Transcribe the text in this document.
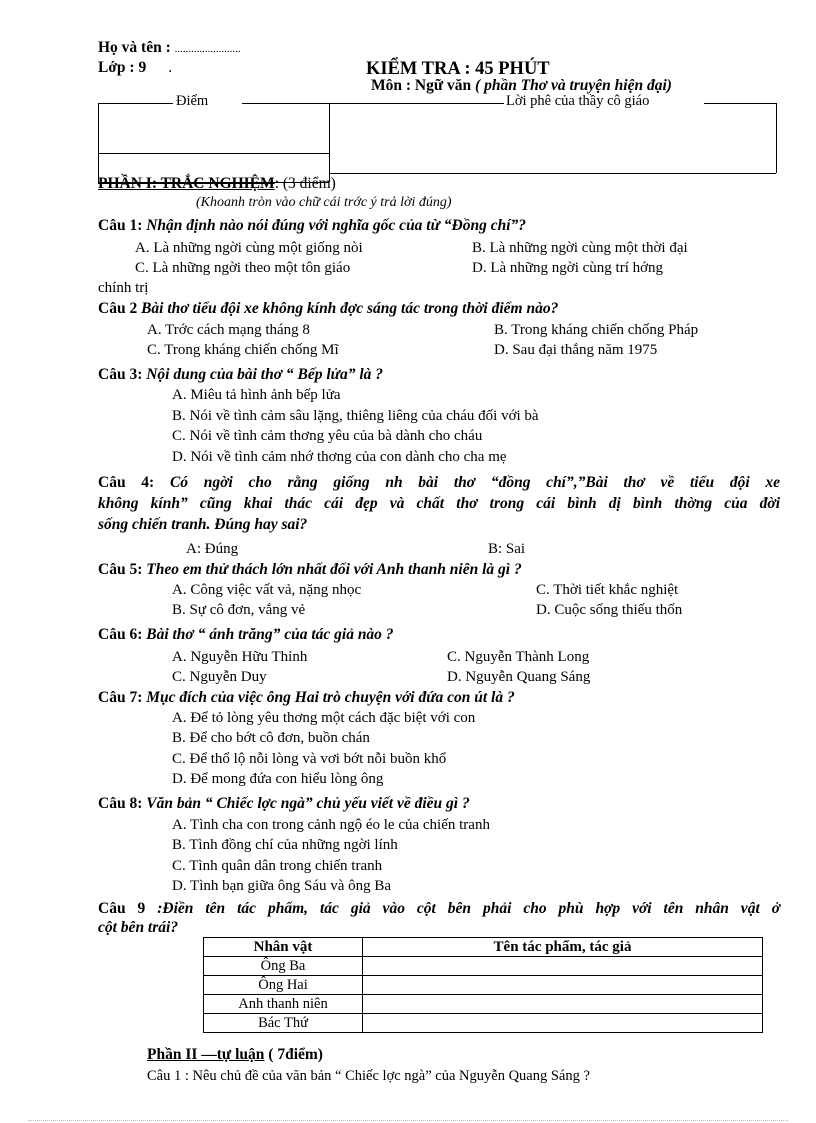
Họ và tên : ........................
Lớp : 9 .	KIỂM TRA : 45 PHÚT
Môn : Ngữ văn ( phần Thơ và truyện hiện đại)
Điểm	Lời phê của thầy cô giáo
PHẦN I: TRẮC NGHIỆM: (3 điểm)
(Khoanh tròn vào chữ cái trớc ý trả lời đúng)
Câu 1: Nhận định nào nói đúng với nghĩa gốc của từ “Đồng chí”?
A. Là những ngời cùng một giống nòi	B. Là những ngời cùng một thời đại
C. Là những ngời theo một tôn giáo	D. Là những ngời cùng trí hớng
chính trị
Câu 2 Bài thơ tiểu đội xe không kính đợc sáng tác trong thời điểm nào?
A. Trớc cách mạng tháng 8	B. Trong kháng chiến chống Pháp
C. Trong kháng chiến chống Mĩ	D. Sau đại thắng năm 1975
Câu 3: Nội dung của bài thơ “ Bếp lửa” là ?
A. Miêu tả hình ảnh bếp lửa
B. Nói về tình cảm sâu lặng, thiêng liêng của cháu đối với bà
C. Nói về tình cảm thơng yêu của bà dành cho cháu
D. Nói về tình cảm nhớ thơng của con dành cho cha mẹ
Câu 4: Có ngời cho rằng giống nh bài thơ “đồng chí”,”Bài thơ về tiểu đội xe
không kính” cũng khai thác cái đẹp và chất thơ trong cái bình dị bình thờng của đời
sống chiến tranh. Đúng hay sai?
A: Đúng	B: Sai
Câu 5: Theo em thử thách lớn nhất đối với Anh thanh niên là gì ?
A. Công việc vất vả, nặng nhọc	C. Thời tiết khắc nghiệt
B. Sự cô đơn, vắng vẻ	D. Cuộc sống thiếu thốn
Câu 6: Bài thơ “ ánh trăng” của tác giả nào ?
A. Nguyễn Hữu Thỉnh	C. Nguyễn Thành Long
C. Nguyễn Duy	D. Nguyễn Quang Sáng
Câu 7: Mục đích của việc ông Hai trò chuyện với đứa con út là ?
A. Để tỏ lòng yêu thơng một cách đặc biệt với con
B. Để cho bớt cô đơn, buồn chán
C. Để thổ lộ nỗi lòng và vơi bớt nỗi buồn khổ
D. Để mong đứa con hiểu lòng ông
Câu 8: Văn bản “ Chiếc lợc ngà” chủ yếu viết về điều gì ?
A. Tình cha con trong cảnh ngộ éo le của chiến tranh
B. Tình đồng chí của những ngời lính
C. Tình quân dân trong chiến tranh
D. Tình bạn giữa ông Sáu và ông Ba
Câu 9 :Điền tên tác phẩm, tác giả vào cột bên phải cho phù hợp với tên nhân vật ở
cột bên trái?
Nhân vật	Tên tác phẩm, tác giả
Ông Ba	
Ông Hai	
Anh thanh niên	
Bác Thứ	
Phần II —tự luận ( 7điểm)
Câu 1 : Nêu chủ đề của văn bản “ Chiếc lợc ngà” của Nguyễn Quang Sáng ?
